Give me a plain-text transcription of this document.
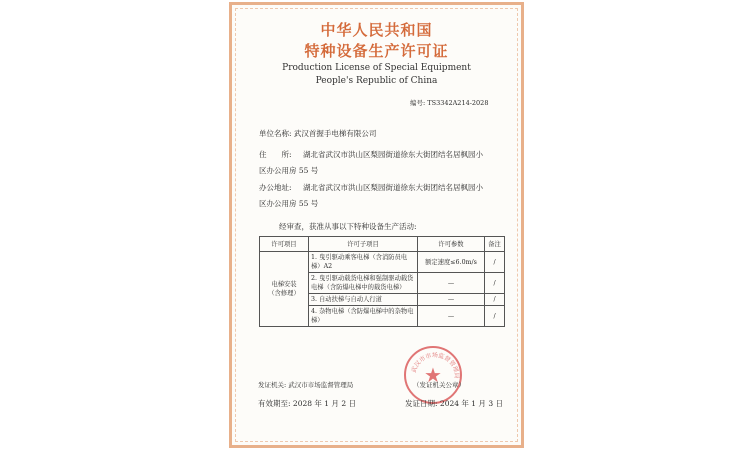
中华人民共和国
特种设备生产许可证
Production License of Special Equipment
People's Republic of China
编号: TS3342A214-2028
单位名称: 武汉首握手电梯有限公司
住　　所: 湖北省武汉市洪山区梨园街道徐东大街团结名居枫园小
区办公用房 55 号
办公地址: 湖北省武汉市洪山区梨园街道徐东大街团结名居枫园小
区办公用房 55 号
经审查，获准从事以下特种设备生产活动:
许可项目	许可子项目	许可参数	备注
电梯安装
（含修理）	1. 曳引驱动乘客电梯（含消防员电梯）A2	额定速度≤6.0m/s	/
	2. 曳引驱动载货电梯和强制驱动载货电梯（含防爆电梯中的载货电梯）	—	/
	3. 自动扶梯与自动人行道	—	/
	4. 杂物电梯（含防爆电梯中的杂物电梯）	—	/
武汉市市场监督管理局
★
发证机关: 武汉市市场监督管理局	（发证机关公章）
有效期至: 2028 年 1 月 2 日	发证日期: 2024 年 1 月 3 日
